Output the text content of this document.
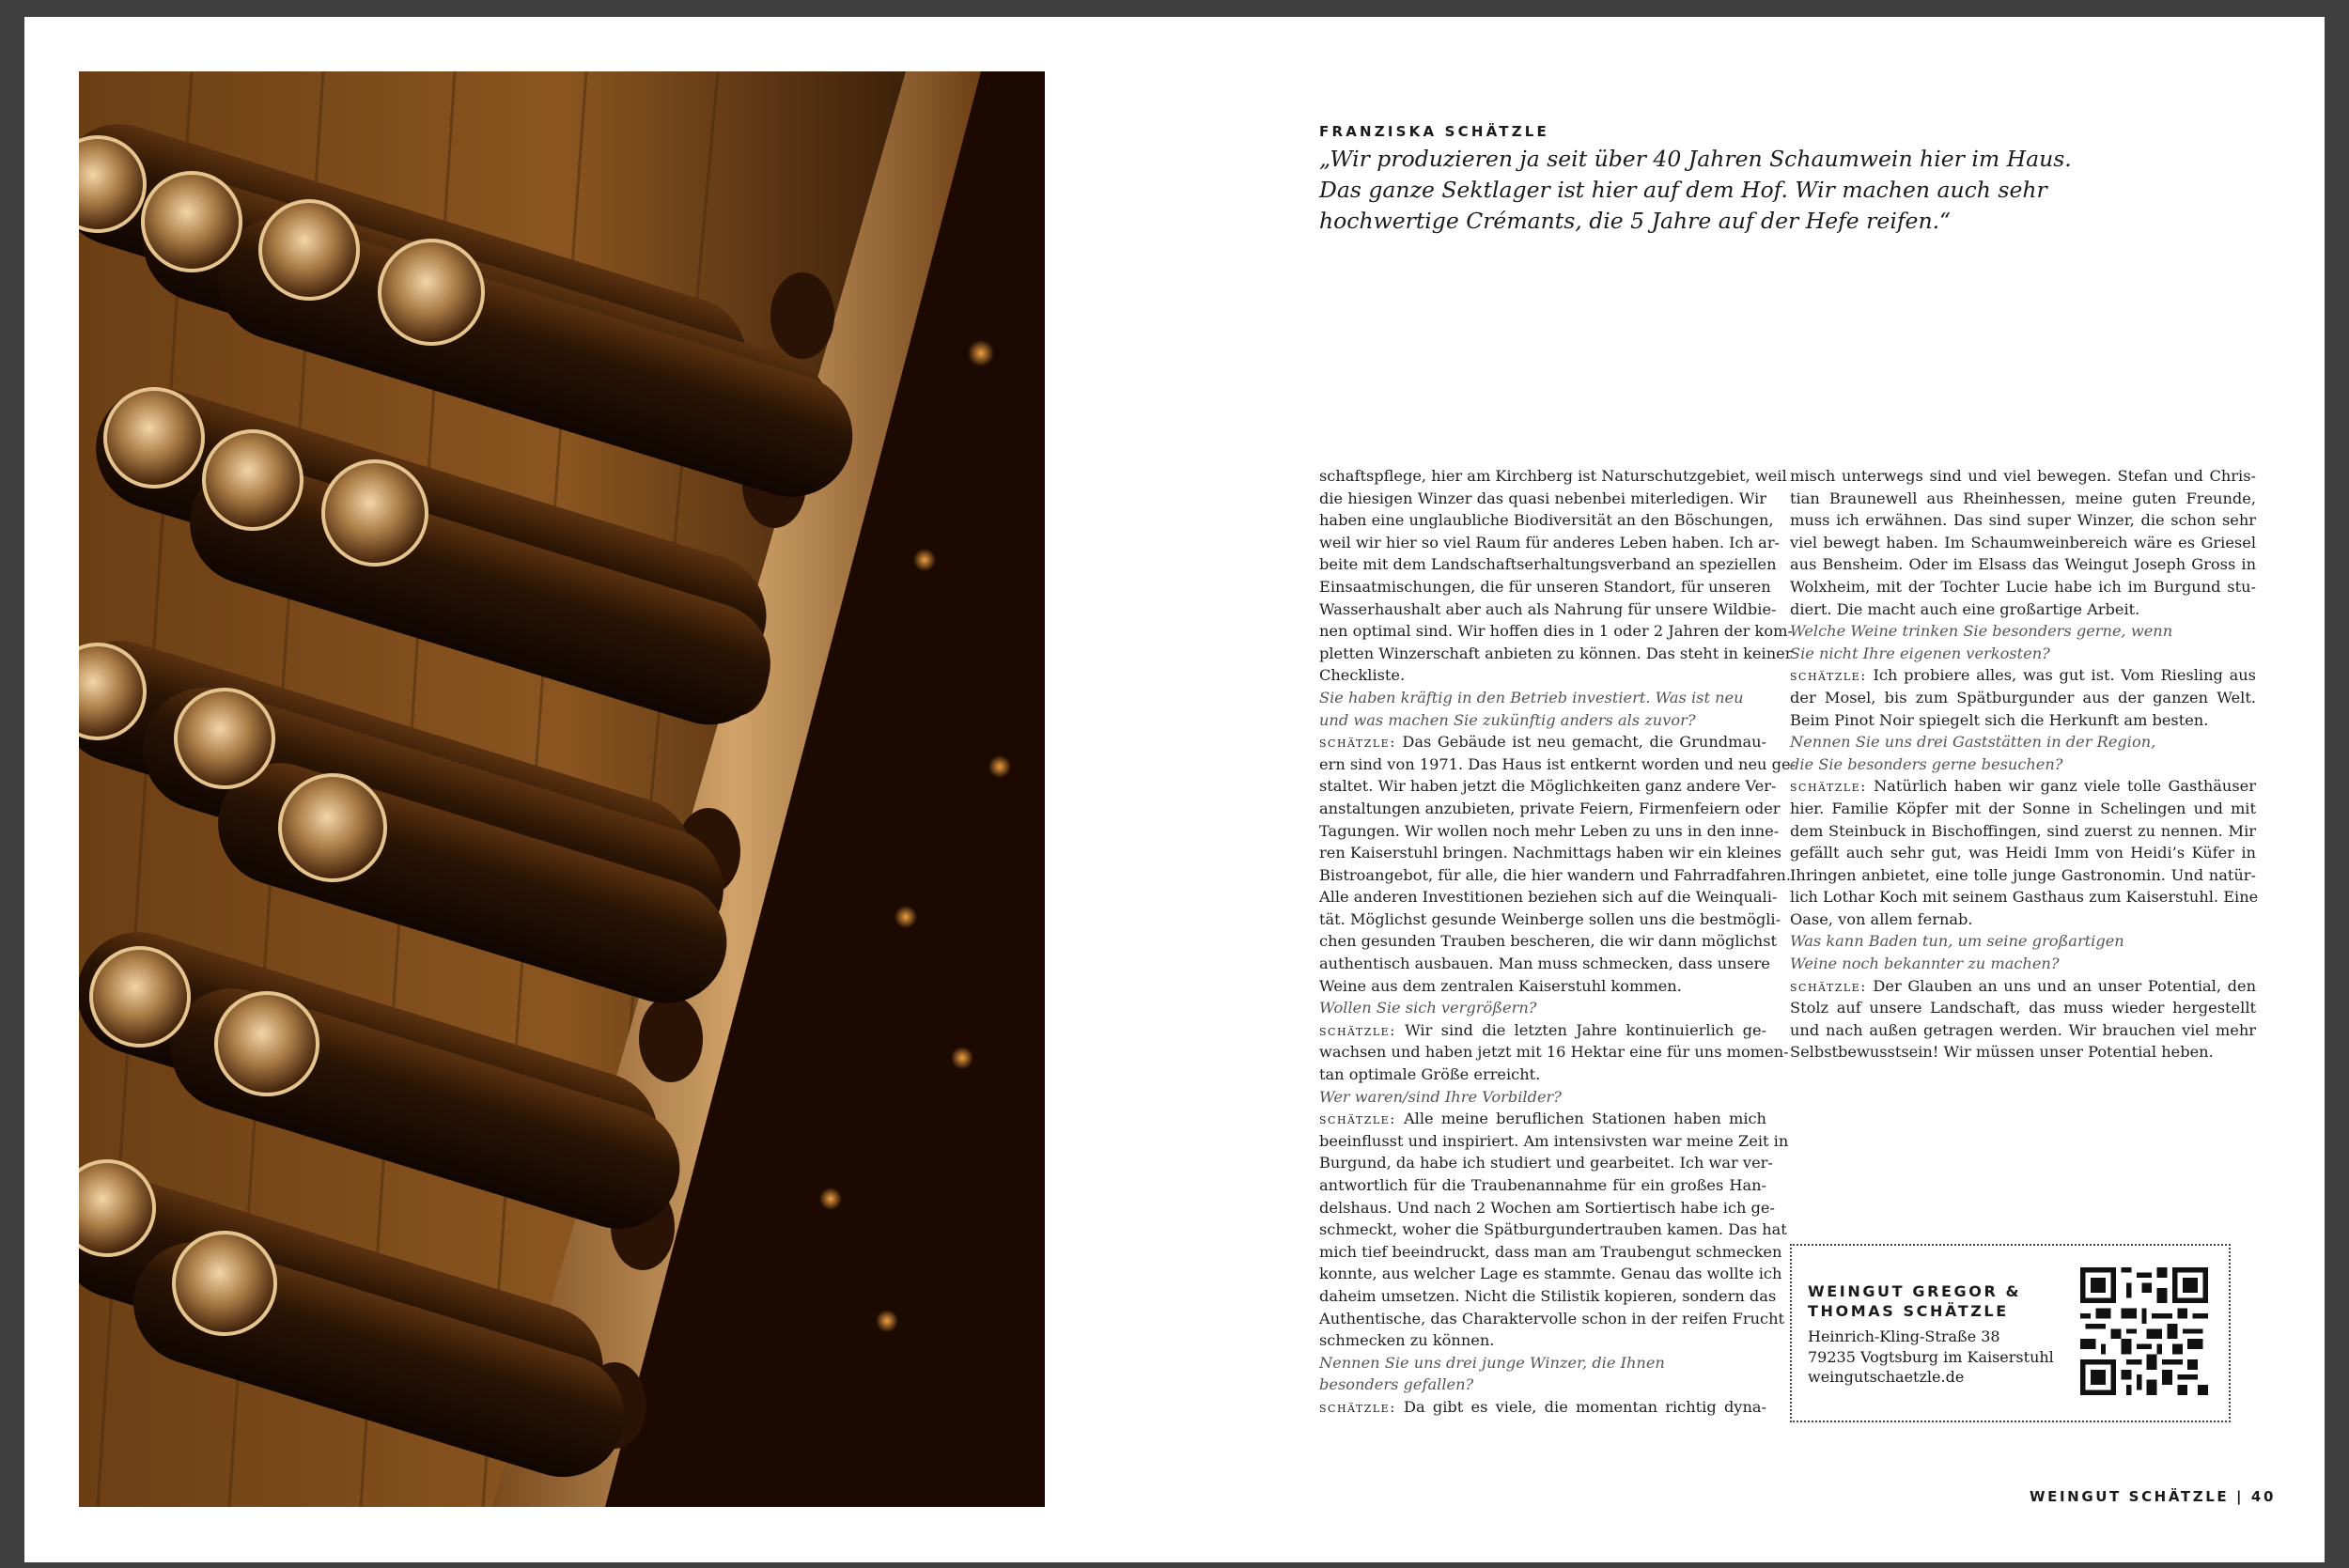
FRANZISKA SCHÄTZLE
„Wir produzieren ja seit über 40 Jahren Schaumwein hier im Haus.
Das ganze Sektlager ist hier auf dem Hof. Wir machen auch sehr
hochwertige Crémants, die 5 Jahre auf der Hefe reifen.“
schaftspflege, hier am Kirchberg ist Naturschutzgebiet, weil
die hiesigen Winzer das quasi nebenbei miterledigen. Wir
haben eine unglaubliche Biodiversität an den Böschungen,
weil wir hier so viel Raum für anderes Leben haben. Ich ar-
beite mit dem Landschaftserhaltungsverband an speziellen
Einsaatmischungen, die für unseren Standort, für unseren
Wasserhaushalt aber auch als Nahrung für unsere Wildbie-
nen optimal sind. Wir hoffen dies in 1 oder 2 Jahren der kom-
pletten Winzerschaft anbieten zu können. Das steht in keiner
Checkliste.
Sie haben kräftig in den Betrieb investiert. Was ist neu
und was machen Sie zukünftig anders als zuvor?
schätzle: Das Gebäude ist neu gemacht, die Grundmau-
ern sind von 1971. Das Haus ist entkernt worden und neu ge-
staltet. Wir haben jetzt die Möglichkeiten ganz andere Ver-
anstaltungen anzubieten, private Feiern, Firmenfeiern oder
Tagungen. Wir wollen noch mehr Leben zu uns in den inne-
ren Kaiserstuhl bringen. Nachmittags haben wir ein kleines
Bistroangebot, für alle, die hier wandern und Fahrradfahren.
Alle anderen Investitionen beziehen sich auf die Weinquali-
tät. Möglichst gesunde Weinberge sollen uns die bestmögli-
chen gesunden Trauben bescheren, die wir dann möglichst
authentisch ausbauen. Man muss schmecken, dass unsere
Weine aus dem zentralen Kaiserstuhl kommen.
Wollen Sie sich vergrößern?
schätzle: Wir sind die letzten Jahre kontinuierlich ge-
wachsen und haben jetzt mit 16 Hektar eine für uns momen-
tan optimale Größe erreicht.
Wer waren/sind Ihre Vorbilder?
schätzle: Alle meine beruflichen Stationen haben mich
beeinflusst und inspiriert. Am intensivsten war meine Zeit in
Burgund, da habe ich studiert und gearbeitet. Ich war ver-
antwortlich für die Traubenannahme für ein großes Han-
delshaus. Und nach 2 Wochen am Sortiertisch habe ich ge-
schmeckt, woher die Spätburgundertrauben kamen. Das hat
mich tief beeindruckt, dass man am Traubengut schmecken
konnte, aus welcher Lage es stammte. Genau das wollte ich
daheim umsetzen. Nicht die Stilistik kopieren, sondern das
Authentische, das Charaktervolle schon in der reifen Frucht
schmecken zu können.
Nennen Sie uns drei junge Winzer, die Ihnen
besonders gefallen?
schätzle: Da gibt es viele, die momentan richtig dyna-
misch unterwegs sind und viel bewegen. Stefan und Chris-
tian Braunewell aus Rheinhessen, meine guten Freunde,
muss ich erwähnen. Das sind super Winzer, die schon sehr
viel bewegt haben. Im Schaumweinbereich wäre es Griesel
aus Bensheim. Oder im Elsass das Weingut Joseph Gross in
Wolxheim, mit der Tochter Lucie habe ich im Burgund stu-
diert. Die macht auch eine großartige Arbeit.
Welche Weine trinken Sie besonders gerne, wenn
Sie nicht Ihre eigenen verkosten?
schätzle: Ich probiere alles, was gut ist. Vom Riesling aus
der Mosel, bis zum Spätburgunder aus der ganzen Welt.
Beim Pinot Noir spiegelt sich die Herkunft am besten.
Nennen Sie uns drei Gaststätten in der Region,
die Sie besonders gerne besuchen?
schätzle: Natürlich haben wir ganz viele tolle Gasthäuser
hier. Familie Köpfer mit der Sonne in Schelingen und mit
dem Steinbuck in Bischoffingen, sind zuerst zu nennen. Mir
gefällt auch sehr gut, was Heidi Imm von Heidi’s Küfer in
Ihringen anbietet, eine tolle junge Gastronomin. Und natür-
lich Lothar Koch mit seinem Gasthaus zum Kaiserstuhl. Eine
Oase, von allem fernab.
Was kann Baden tun, um seine großartigen
Weine noch bekannter zu machen?
schätzle: Der Glauben an uns und an unser Potential, den
Stolz auf unsere Landschaft, das muss wieder hergestellt
und nach außen getragen werden. Wir brauchen viel mehr
Selbstbewusstsein! Wir müssen unser Potential heben.
WEINGUT GREGOR &
THOMAS SCHÄTZLE
Heinrich-Kling-Straße 38
79235 Vogtsburg im Kaiserstuhl
weingutschaetzle.de
WEINGUT SCHÄTZLE | 40
